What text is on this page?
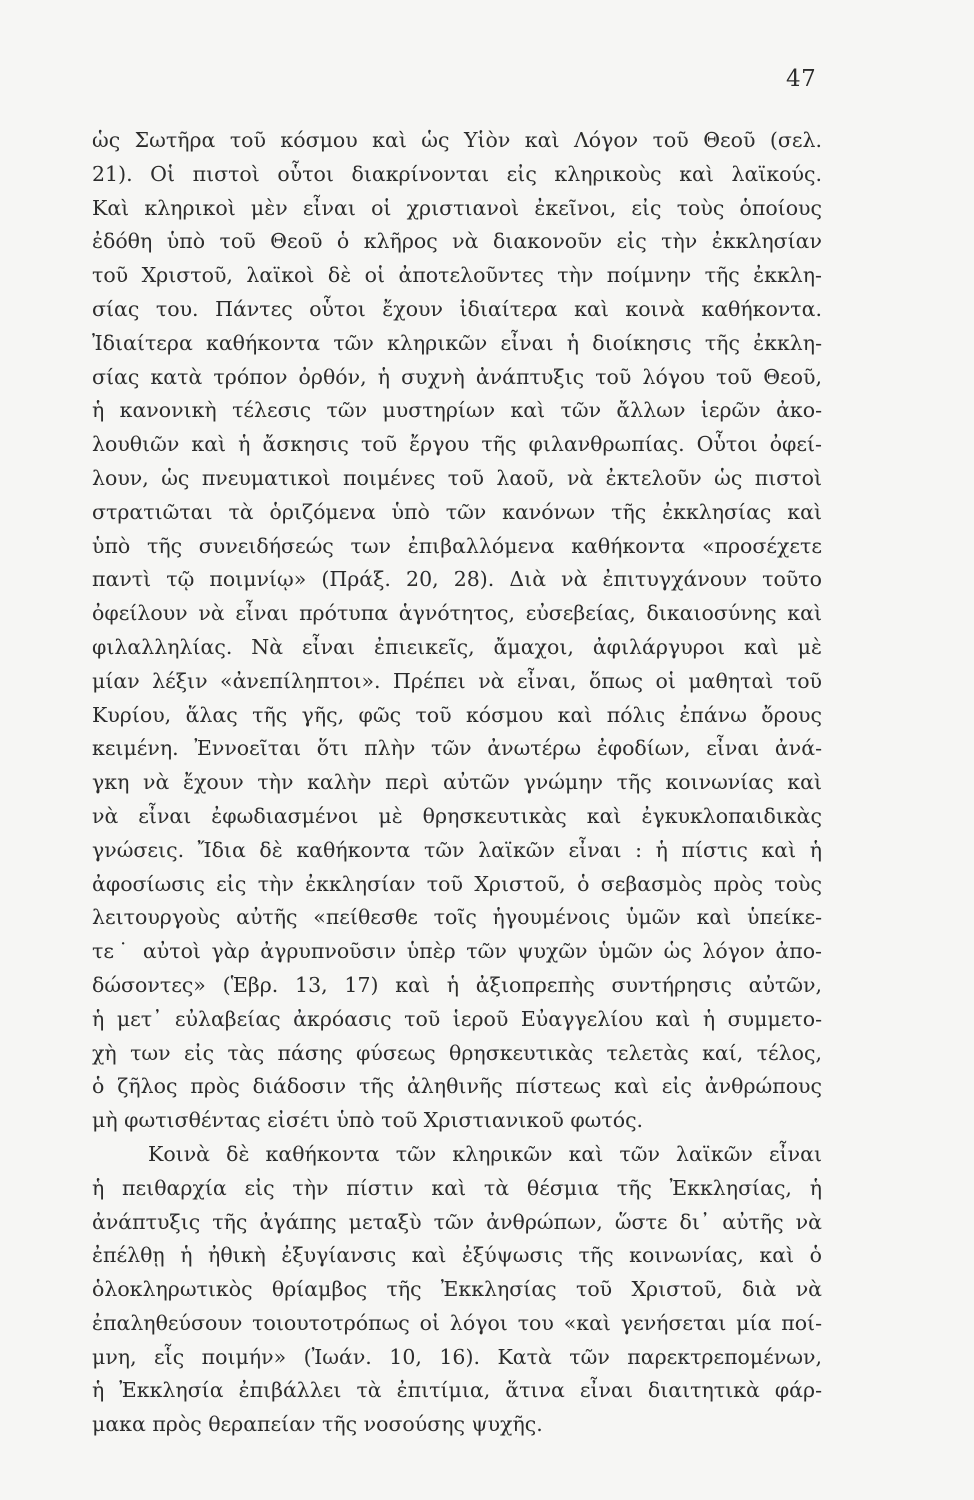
47
ὡς Σωτῆρα τοῦ κόσμου καὶ ὡς Υἱὸν καὶ Λόγον τοῦ Θεοῦ (σελ.
21). Οἱ πιστοὶ οὗτοι διακρίνονται εἰς κληρικοὺς καὶ λαϊκούς.
Καὶ κληρικοὶ μὲν εἶναι οἱ χριστιανοὶ ἐκεῖνοι, εἰς τοὺς ὁποίους
ἐδόθη ὑπὸ τοῦ Θεοῦ ὁ κλῆρος νὰ διακονοῦν εἰς τὴν ἐκκλησίαν
τοῦ Χριστοῦ, λαϊκοὶ δὲ οἱ ἀποτελοῦντες τὴν ποίμνην τῆς ἐκκλη-
σίας του. Πάντες οὗτοι ἔχουν ἰδιαίτερα καὶ κοινὰ καθήκοντα.
Ἰδιαίτερα καθήκοντα τῶν κληρικῶν εἶναι ἡ διοίκησις τῆς ἐκκλη-
σίας κατὰ τρόπον ὀρθόν, ἡ συχνὴ ἀνάπτυξις τοῦ λόγου τοῦ Θεοῦ,
ἡ κανονικὴ τέλεσις τῶν μυστηρίων καὶ τῶν ἄλλων ἱερῶν ἀκο-
λουθιῶν καὶ ἡ ἄσκησις τοῦ ἔργου τῆς φιλανθρωπίας. Οὗτοι ὀφεί-
λουν, ὡς πνευματικοὶ ποιμένες τοῦ λαοῦ, νὰ ἐκτελοῦν ὡς πιστοὶ
στρατιῶται τὰ ὁριζόμενα ὑπὸ τῶν κανόνων τῆς ἐκκλησίας καὶ
ὑπὸ τῆς συνειδήσεώς των ἐπιβαλλόμενα καθήκοντα «προσέχετε
παντὶ τῷ ποιμνίῳ» (Πράξ. 20, 28). Διὰ νὰ ἐπιτυγχάνουν τοῦτο
ὀφείλουν νὰ εἶναι πρότυπα ἁγνότητος, εὐσεβείας, δικαιοσύνης καὶ
φιλαλληλίας. Νὰ εἶναι ἐπιεικεῖς, ἄμαχοι, ἀφιλάργυροι καὶ μὲ
μίαν λέξιν «ἀνεπίληπτοι». Πρέπει νὰ εἶναι, ὅπως οἱ μαθηταὶ τοῦ
Κυρίου, ἅλας τῆς γῆς, φῶς τοῦ κόσμου καὶ πόλις ἐπάνω ὄρους
κειμένη. Ἐννοεῖται ὅτι πλὴν τῶν ἀνωτέρω ἐφοδίων, εἶναι ἀνά-
γκη νὰ ἔχουν τὴν καλὴν περὶ αὐτῶν γνώμην τῆς κοινωνίας καὶ
νὰ εἶναι ἐφωδιασμένοι μὲ θρησκευτικὰς καὶ ἐγκυκλοπαιδικὰς
γνώσεις. Ἴδια δὲ καθήκοντα τῶν λαϊκῶν εἶναι : ἡ πίστις καὶ ἡ
ἀφοσίωσις εἰς τὴν ἐκκλησίαν τοῦ Χριστοῦ, ὁ σεβασμὸς πρὸς τοὺς
λειτουργοὺς αὐτῆς «πείθεσθε τοῖς ἡγουμένοις ὑμῶν καὶ ὑπείκε-
τε˙ αὐτοὶ γὰρ ἀγρυπνοῦσιν ὑπὲρ τῶν ψυχῶν ὑμῶν ὡς λόγον ἀπο-
δώσοντες» (Ἑβρ. 13, 17) καὶ ἡ ἀξιοπρεπὴς συντήρησις αὐτῶν,
ἡ μετ᾽ εὐλαβείας ἀκρόασις τοῦ ἱεροῦ Εὐαγγελίου καὶ ἡ συμμετο-
χὴ των εἰς τὰς πάσης φύσεως θρησκευτικὰς τελετὰς καί, τέλος,
ὁ ζῆλος πρὸς διάδοσιν τῆς ἀληθινῆς πίστεως καὶ εἰς ἀνθρώπους
μὴ φωτισθέντας εἰσέτι ὑπὸ τοῦ Χριστιανικοῦ φωτός.
Κοινὰ δὲ καθήκοντα τῶν κληρικῶν καὶ τῶν λαϊκῶν εἶναι
ἡ πειθαρχία εἰς τὴν πίστιν καὶ τὰ θέσμια τῆς Ἐκκλησίας, ἡ
ἀνάπτυξις τῆς ἀγάπης μεταξὺ τῶν ἀνθρώπων, ὥστε δι᾽ αὐτῆς νὰ
ἐπέλθῃ ἡ ἠθικὴ ἐξυγίανσις καὶ ἐξύψωσις τῆς κοινωνίας, καὶ ὁ
ὁλοκληρωτικὸς θρίαμβος τῆς Ἐκκλησίας τοῦ Χριστοῦ, διὰ νὰ
ἐπαληθεύσουν τοιουτοτρόπως οἱ λόγοι του «καὶ γενήσεται μία ποί-
μνη, εἷς ποιμήν» (Ἰωάν. 10, 16). Κατὰ τῶν παρεκτρεπομένων,
ἡ Ἐκκλησία ἐπιβάλλει τὰ ἐπιτίμια, ἅτινα εἶναι διαιτητικὰ φάρ-
μακα πρὸς θεραπείαν τῆς νοσούσης ψυχῆς.
